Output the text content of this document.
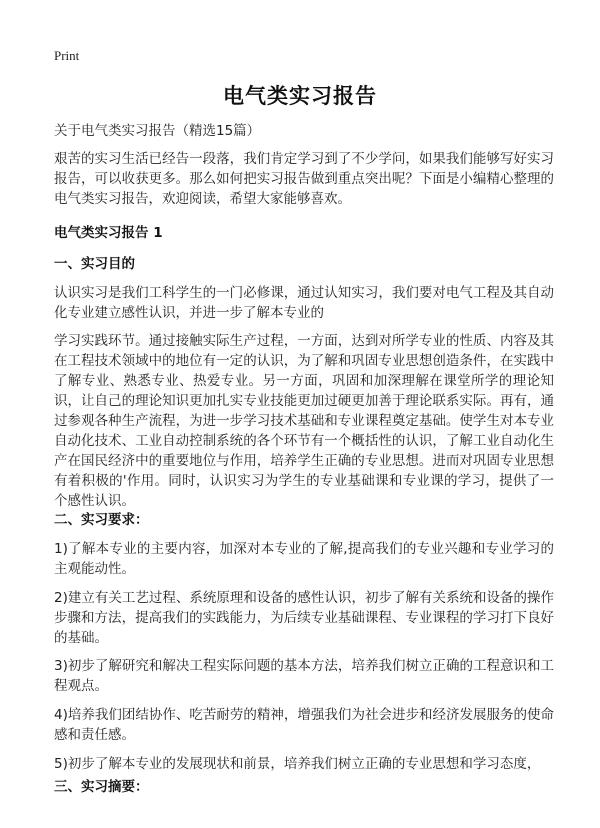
Print
电气类实习报告
关于电气类实习报告（精选15篇）
艰苦的实习生活已经告一段落，我们肯定学习到了不少学问，如果我们能够写好实习报告，可以收获更多。那么如何把实习报告做到重点突出呢？下面是小编精心整理的电气类实习报告，欢迎阅读，希望大家能够喜欢。
电气类实习报告 1
一、实习目的
认识实习是我们工科学生的一门必修课，通过认知实习，我们要对电气工程及其自动化专业建立感性认识，并进一步了解本专业的
学习实践环节。通过接触实际生产过程，一方面，达到对所学专业的性质、内容及其在工程技术领域中的地位有一定的认识，为了解和巩固专业思想创造条件，在实践中了解专业、熟悉专业、热爱专业。另一方面，巩固和加深理解在课堂所学的理论知识，让自己的理论知识更加扎实专业技能更加过硬更加善于理论联系实际。再有，通过参观各种生产流程，为进一步学习技术基础和专业课程奠定基础。使学生对本专业自动化技术、工业自动控制系统的各个环节有一个概括性的认识，了解工业自动化生产在国民经济中的重要地位与作用，培养学生正确的专业思想。进而对巩固专业思想有着积极的'作用。同时，认识实习为学生的专业基础课和专业课的学习，提供了一个感性认识。
二、实习要求：
1)了解本专业的主要内容，加深对本专业的了解,提高我们的专业兴趣和专业学习的主观能动性。
2)建立有关工艺过程、系统原理和设备的感性认识，初步了解有关系统和设备的操作步骤和方法，提高我们的实践能力，为后续专业基础课程、专业课程的学习打下良好的基础。
3)初步了解研究和解决工程实际问题的基本方法，培养我们树立正确的工程意识和工程观点。
4)培养我们团结协作、吃苦耐劳的精神，增强我们为社会进步和经济发展服务的使命感和责任感。
5)初步了解本专业的发展现状和前景，培养我们树立正确的专业思想和学习态度，
三、实习摘要：
